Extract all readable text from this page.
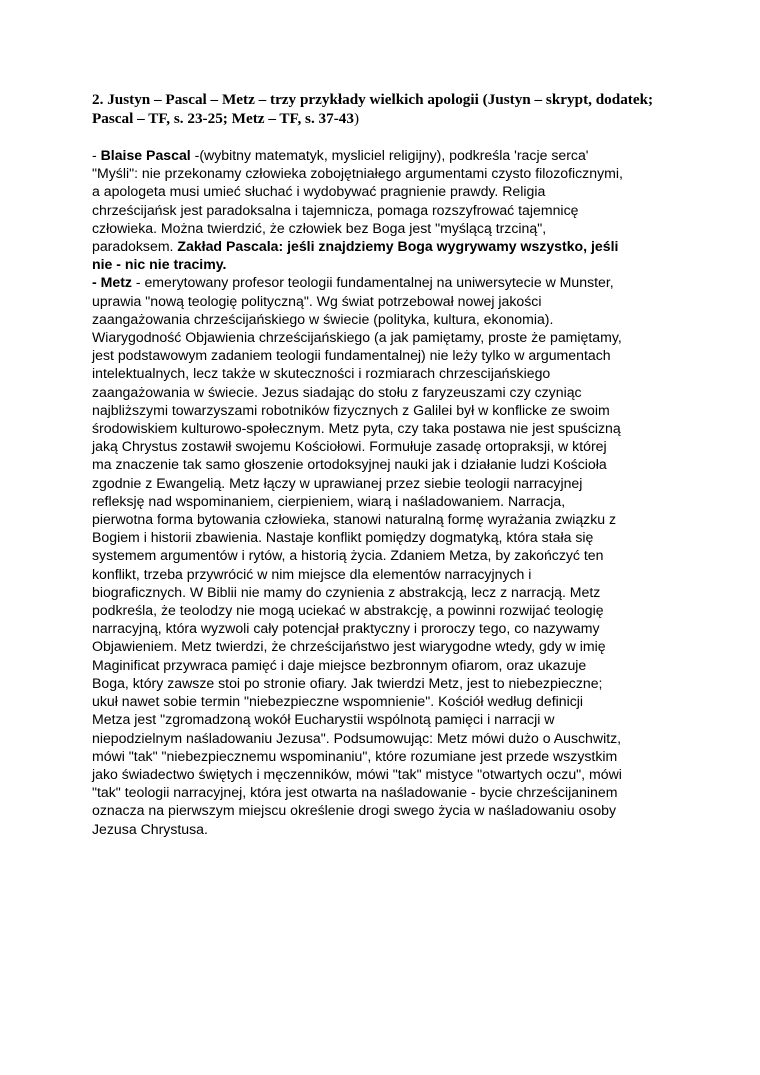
2. Justyn – Pascal – Metz – trzy przykłady wielkich apologii (Justyn – skrypt, dodatek;
Pascal – TF, s. 23-25; Metz – TF, s. 37-43)
- Blaise Pascal -(wybitny matematyk, mysliciel religijny), podkreśla 'racje serca'
"Myśli": nie przekonamy człowieka zobojętniałego argumentami czysto filozoficznymi,
a apologeta musi umieć słuchać i wydobywać pragnienie prawdy. Religia
chrześcijańsk jest paradoksalna i tajemnicza, pomaga rozszyfrować tajemnicę
człowieka. Można twierdzić, że człowiek bez Boga jest "myślącą trzciną",
paradoksem. Zakład Pascala: jeśli znajdziemy Boga wygrywamy wszystko, jeśli
nie - nic nie tracimy.
- Metz - emerytowany profesor teologii fundamentalnej na uniwersytecie w Munster,
uprawia "nową teologię polityczną". Wg świat potrzebował nowej jakości
zaangażowania chrześcijańskiego w świecie (polityka, kultura, ekonomia).
Wiarygodność Objawienia chrześcijańskiego (a jak pamiętamy, proste że pamiętamy,
jest podstawowym zadaniem teologii fundamentalnej) nie leży tylko w argumentach
intelektualnych, lecz także w skuteczności i rozmiarach chrzescijańskiego
zaangażowania w świecie. Jezus siadając do stołu z faryzeuszami czy czyniąc
najbliższymi towarzyszami robotników fizycznych z Galilei był w konflicke ze swoim
środowiskiem kulturowo-społecznym. Metz pyta, czy taka postawa nie jest spuścizną
jaką Chrystus zostawił swojemu Kościołowi. Formułuje zasadę ortopraksji, w której
ma znaczenie tak samo głoszenie ortodoksyjnej nauki jak i działanie ludzi Kościoła
zgodnie z Ewangelią. Metz łączy w uprawianej przez siebie teologii narracyjnej
refleksję nad wspominaniem, cierpieniem, wiarą i naśladowaniem. Narracja,
pierwotna forma bytowania człowieka, stanowi naturalną formę wyrażania związku z
Bogiem i historii zbawienia. Nastaje konflikt pomiędzy dogmatyką, która stała się
systemem argumentów i rytów, a historią życia. Zdaniem Metza, by zakończyć ten
konflikt, trzeba przywrócić w nim miejsce dla elementów narracyjnych i
biograficznych. W Biblii nie mamy do czynienia z abstrakcją, lecz z narracją. Metz
podkreśla, że teolodzy nie mogą uciekać w abstrakcję, a powinni rozwijać teologię
narracyjną, która wyzwoli cały potencjał praktyczny i proroczy tego, co nazywamy
Objawieniem. Metz twierdzi, że chrześcijaństwo jest wiarygodne wtedy, gdy w imię
Maginificat przywraca pamięć i daje miejsce bezbronnym ofiarom, oraz ukazuje
Boga, który zawsze stoi po stronie ofiary. Jak twierdzi Metz, jest to niebezpieczne;
ukuł nawet sobie termin "niebezpieczne wspomnienie". Kościół według definicji
Metza jest "zgromadzoną wokół Eucharystii wspólnotą pamięci i narracji w
niepodzielnym naśladowaniu Jezusa". Podsumowując: Metz mówi dużo o Auschwitz,
mówi "tak" "niebezpiecznemu wspominaniu", które rozumiane jest przede wszystkim
jako świadectwo świętych i męczenników, mówi "tak" mistyce "otwartych oczu", mówi
"tak" teologii narracyjnej, która jest otwarta na naśladowanie - bycie chrześcijaninem
oznacza na pierwszym miejscu określenie drogi swego życia w naśladowaniu osoby
Jezusa Chrystusa.
